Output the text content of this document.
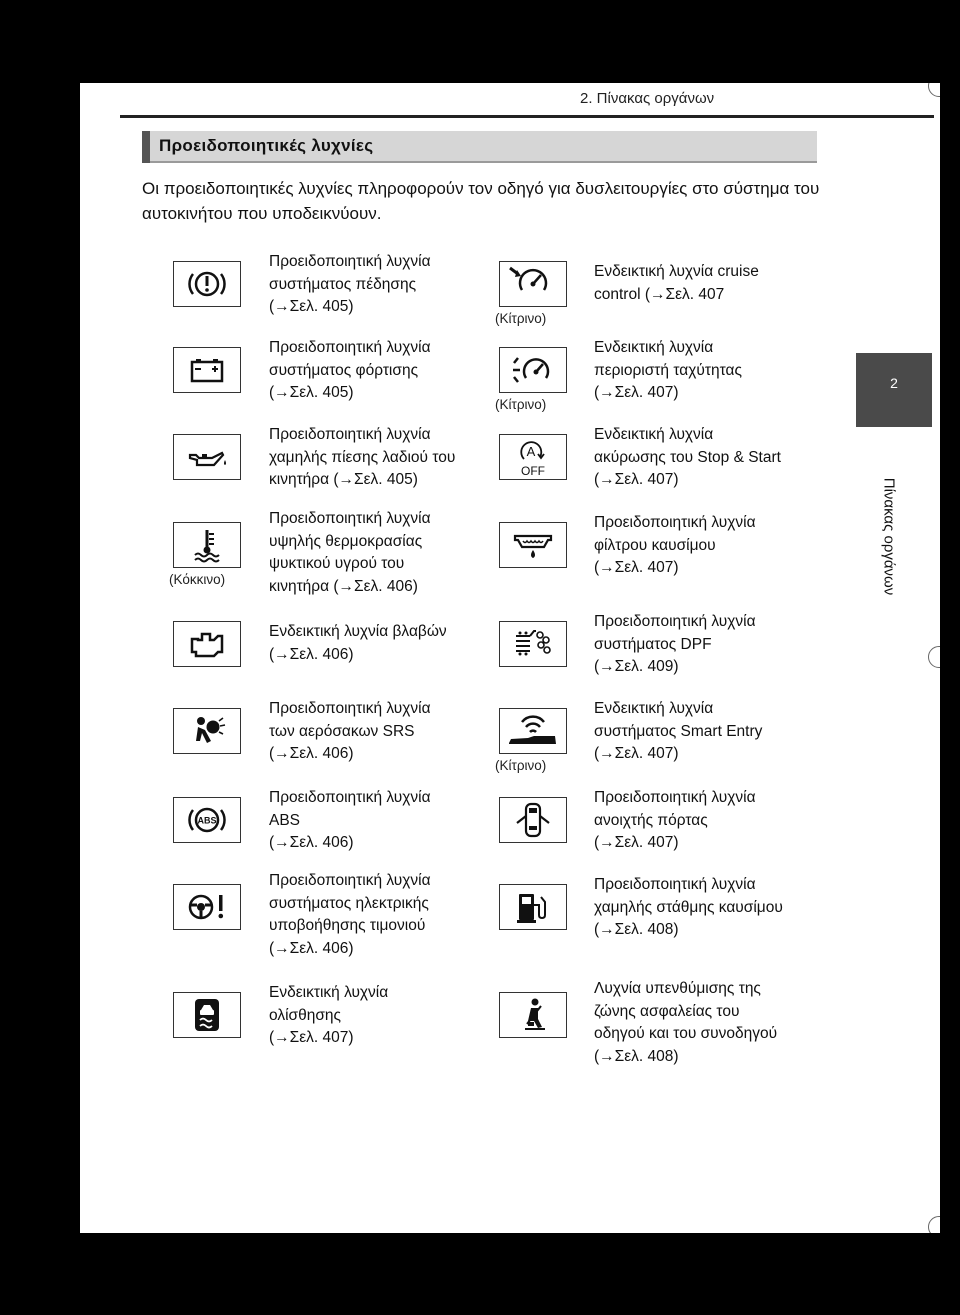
2. Πίνακας οργάνων
Προειδοποιητικές λυχνίες
Οι προειδοποιητικές λυχνίες πληροφορούν τον οδηγό για δυσλειτουργίες στο σύστημα του αυτοκινήτου που υποδεικνύουν.
2
Πίνακας οργάνων
Προειδοποιητική λυχνία
συστήματος πέδησης
(→Σελ. 405)
Προειδοποιητική λυχνία
συστήματος φόρτισης
(→Σελ. 405)
Προειδοποιητική λυχνία
χαμηλής πίεσης λαδιού του
κινητήρα (→Σελ. 405)
(Κόκκινο)
Προειδοποιητική λυχνία
υψηλής θερμοκρασίας
ψυκτικού υγρού του
κινητήρα (→Σελ. 406)
Ενδεικτική λυχνία βλαβών
(→Σελ. 406)
Προειδοποιητική λυχνία
των αερόσακων SRS
(→Σελ. 406)
ABS
Προειδοποιητική λυχνία
ABS
(→Σελ. 406)
Προειδοποιητική λυχνία
συστήματος ηλεκτρικής
υποβοήθησης τιμονιού
(→Σελ. 406)
Ενδεικτική λυχνία
ολίσθησης
(→Σελ. 407)
(Κίτρινο)
Ενδεικτική λυχνία cruise
control (→Σελ. 407
(Κίτρινο)
Ενδεικτική λυχνία
περιοριστή ταχύτητας
(→Σελ. 407)
A
OFF
Ενδεικτική λυχνία
ακύρωσης του Stop & Start
(→Σελ. 407)
Προειδοποιητική λυχνία
φίλτρου καυσίμου
(→Σελ. 407)
Προειδοποιητική λυχνία
συστήματος DPF
(→Σελ. 409)
(Κίτρινο)
Ενδεικτική λυχνία
συστήματος Smart Entry
(→Σελ. 407)
Προειδοποιητική λυχνία
ανοιχτής πόρτας
(→Σελ. 407)
Προειδοποιητική λυχνία
χαμηλής στάθμης καυσίμου
(→Σελ. 408)
Λυχνία υπενθύμισης της
ζώνης ασφαλείας του
οδηγού και του συνοδηγού
(→Σελ. 408)
